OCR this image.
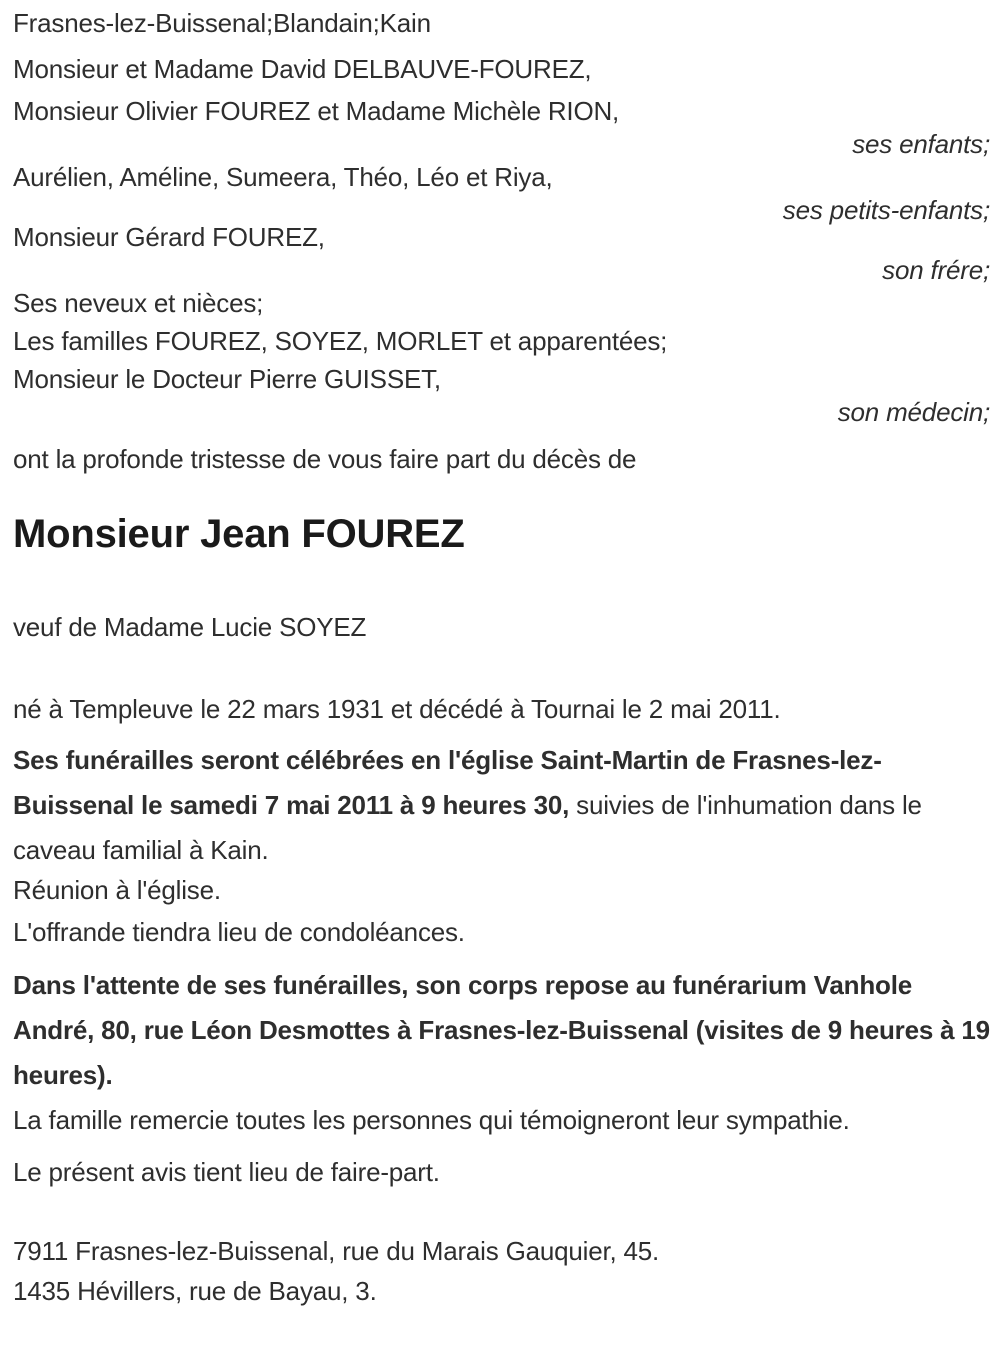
Frasnes-lez-Buissenal;Blandain;Kain

Monsieur et Madame David DELBAUVE-FOUREZ,

Monsieur Olivier FOUREZ et Madame Michèle RION,

ses enfants;

Aurélien, Améline, Sumeera, Théo, Léo et Riya,

ses petits-enfants;

Monsieur Gérard FOUREZ,

son frére;

Ses neveux et nièces;

Les familles FOUREZ, SOYEZ, MORLET et apparentées;

Monsieur le Docteur Pierre GUISSET,

son médecin;

ont la profonde tristesse de vous faire part du décès de

Monsieur Jean FOUREZ

veuf de Madame Lucie SOYEZ

né à Templeuve le 22 mars 1931 et décédé à Tournai le 2 mai 2011.

Ses funérailles seront célébrées en l'église Saint-Martin de Frasnes-lez-Buissenal le samedi 7 mai 2011 à 9 heures 30, suivies de l'inhumation dans le caveau familial à Kain.

Réunion à l'église.

L'offrande tiendra lieu de condoléances.

Dans l'attente de ses funérailles, son corps repose au funérarium Vanhole André, 80, rue Léon Desmottes à Frasnes-lez-Buissenal (visites de 9 heures à 19 heures).

La famille remercie toutes les personnes qui témoigneront leur sympathie.

Le présent avis tient lieu de faire-part.

7911 Frasnes-lez-Buissenal, rue du Marais Gauquier, 45.

1435 Hévillers, rue de Bayau, 3.
